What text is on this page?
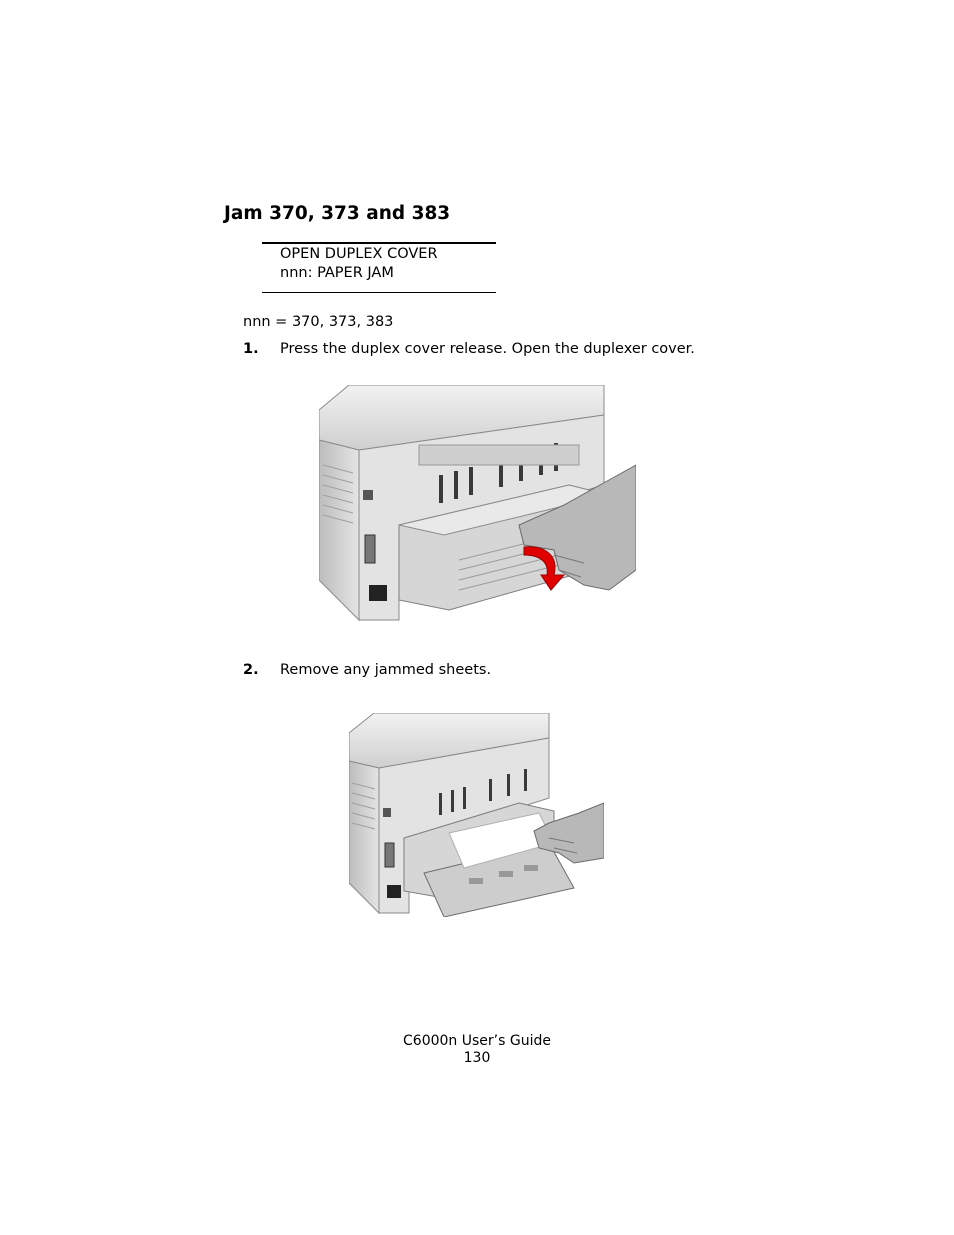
Jam 370, 373 and 383
OPEN DUPLEX COVER
nnn: PAPER JAM
nnn = 370, 373, 383
1. Press the duplex cover release. Open the duplexer cover.
2. Remove any jammed sheets.
C6000n User’s Guide
130
